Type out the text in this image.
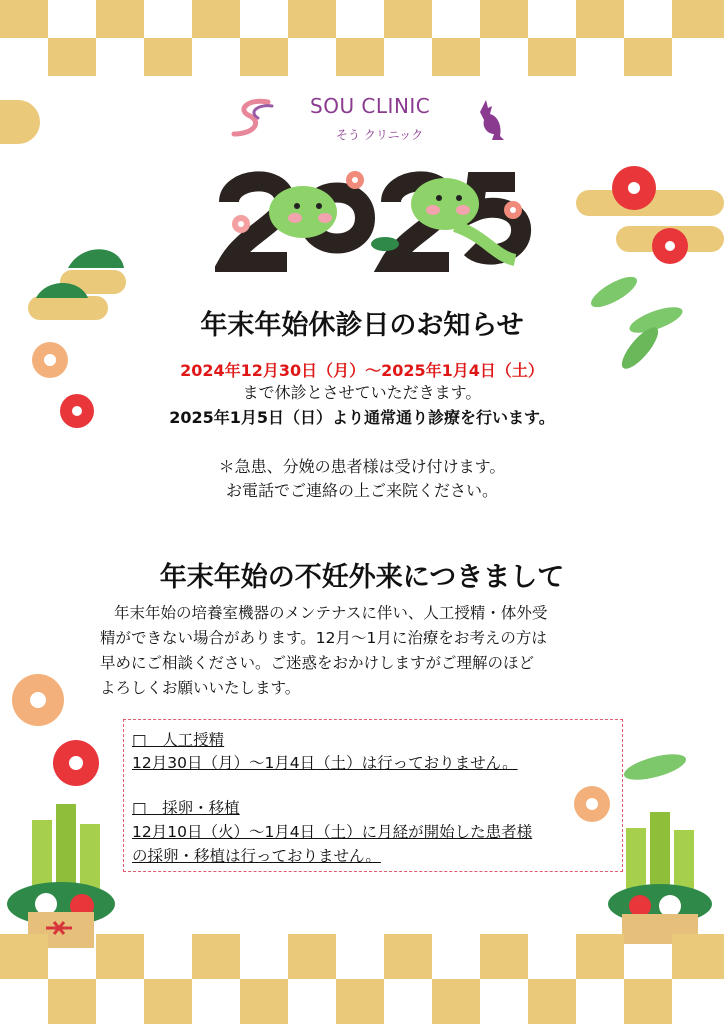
SOU CLINIC
そう クリニック
年末年始休診日のお知らせ
2024年12月30日（月）～2025年1月4日（土）
まで休診とさせていただきます。
2025年1月5日（日）より通常通り診療を行います。
＊急患、分娩の患者様は受け付けます。
お電話でご連絡の上ご来院ください。
年末年始の不妊外来につきまして
年末年始の培養室機器のメンテナスに伴い、人工授精・体外受
精ができない場合があります。12月～1月に治療をお考えの方は
早めにご相談ください。ご迷惑をおかけしますがご理解のほど
よろしくお願いいたします。
□　人工授精
12月30日（月）～1月4日（土）は行っておりません。
□　採卵・移植
12月10日（火）～1月4日（土）に月経が開始した患者様
の採卵・移植は行っておりません。
